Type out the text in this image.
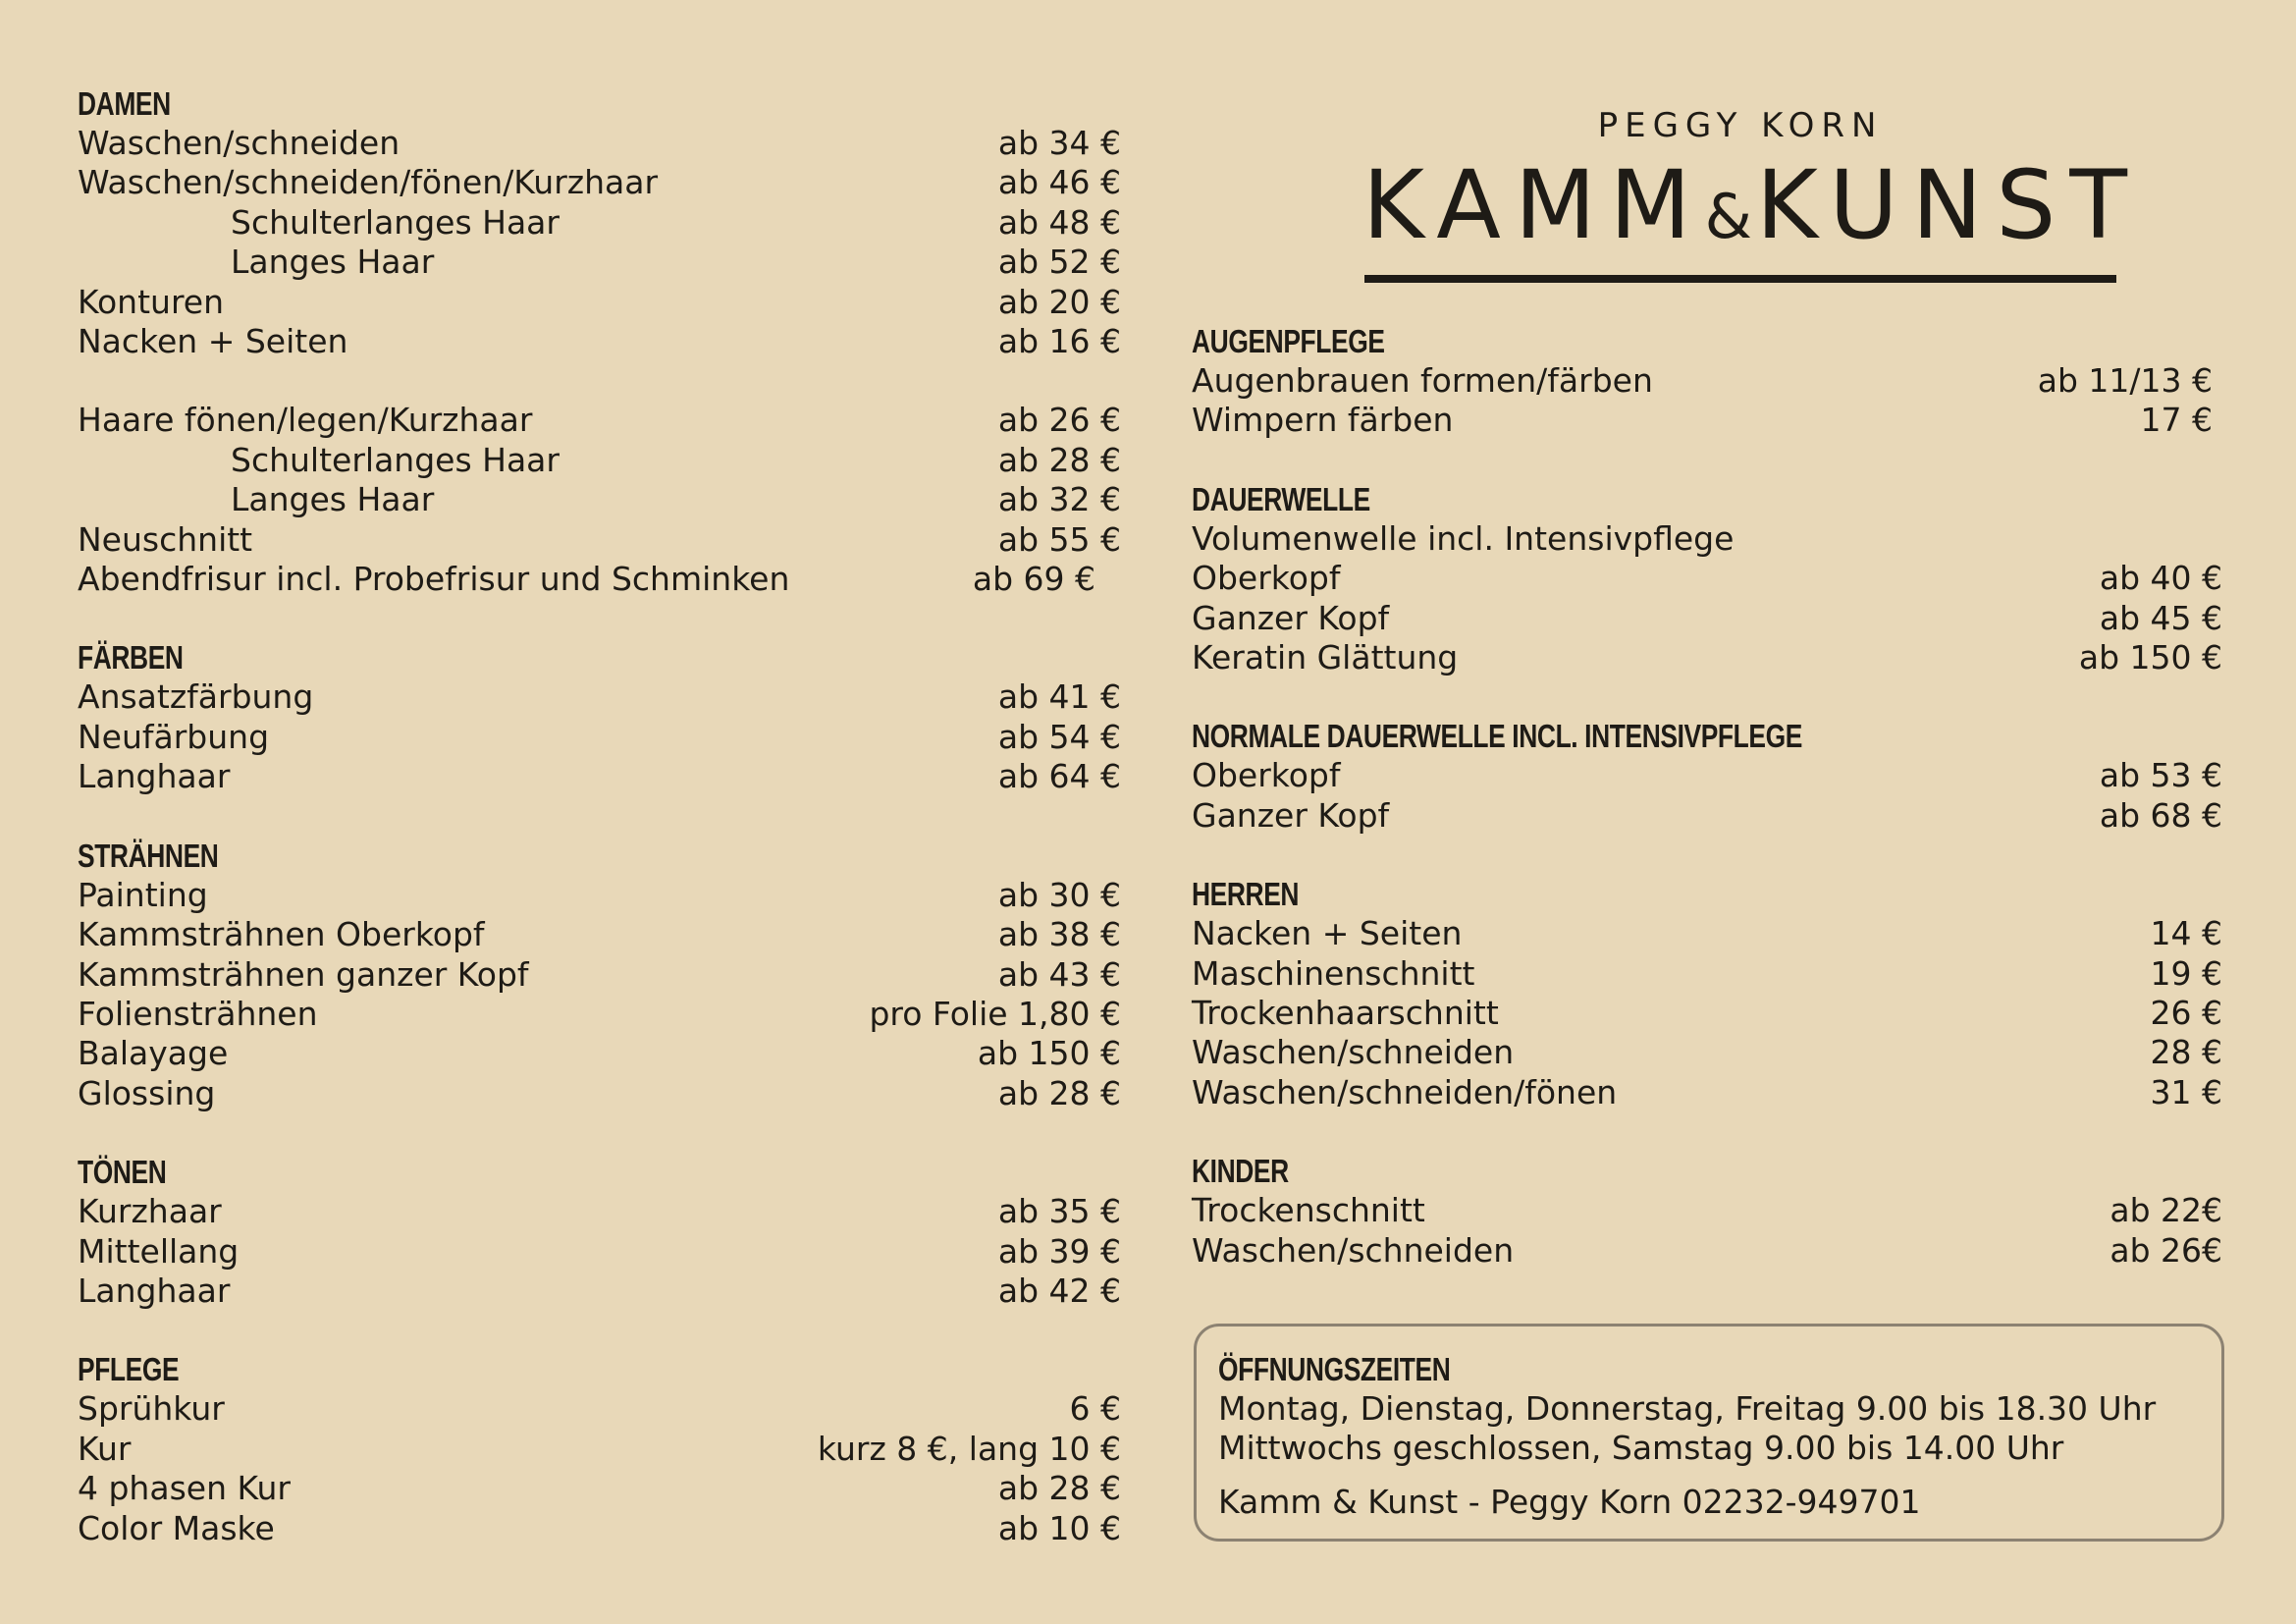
DAMEN
Waschen/schneiden	ab 34 €
Waschen/schneiden/fönen/Kurzhaar	ab 46 €
Schulterlanges Haar	ab 48 €
Langes Haar	ab 52 €
Konturen	ab 20 €
Nacken + Seiten	ab 16 €
Haare fönen/legen/Kurzhaar	ab 26 €
Schulterlanges Haar	ab 28 €
Langes Haar	ab 32 €
Neuschnitt	ab 55 €
Abendfrisur incl. Probefrisur und Schminken	ab 69 €
FÄRBEN
Ansatzfärbung	ab 41 €
Neufärbung	ab 54 €
Langhaar	ab 64 €
STRÄHNEN
Painting	ab 30 €
Kammsträhnen Oberkopf	ab 38 €
Kammsträhnen ganzer Kopf	ab 43 €
Foliensträhnen	pro Folie 1,80 €
Balayage	ab 150 €
Glossing	ab 28 €
TÖNEN
Kurzhaar	ab 35 €
Mittellang	ab 39 €
Langhaar	ab 42 €
PFLEGE
Sprühkur	6 €
Kur	kurz 8 €, lang 10 €
4 phasen Kur	ab 28 €
Color Maske	ab 10 €
PEGGY KORN
KAMM&KUNST
AUGENPFLEGE
Augenbrauen formen/färben	ab 11/13 €
Wimpern färben	17 €
DAUERWELLE
Volumenwelle incl. Intensivpflege
Oberkopf	ab 40 €
Ganzer Kopf	ab 45 €
Keratin Glättung	ab 150 €
NORMALE DAUERWELLE INCL. INTENSIVPFLEGE
Oberkopf	ab 53 €
Ganzer Kopf	ab 68 €
HERREN
Nacken + Seiten	14 €
Maschinenschnitt	19 €
Trockenhaarschnitt	26 €
Waschen/schneiden	28 €
Waschen/schneiden/fönen	31 €
KINDER
Trockenschnitt	ab 22€
Waschen/schneiden	ab 26€
ÖFFNUNGSZEITEN
Montag, Dienstag, Donnerstag, Freitag 9.00 bis 18.30 Uhr
Mittwochs geschlossen, Samstag 9.00 bis 14.00 Uhr
Kamm & Kunst - Peggy Korn 02232-949701
